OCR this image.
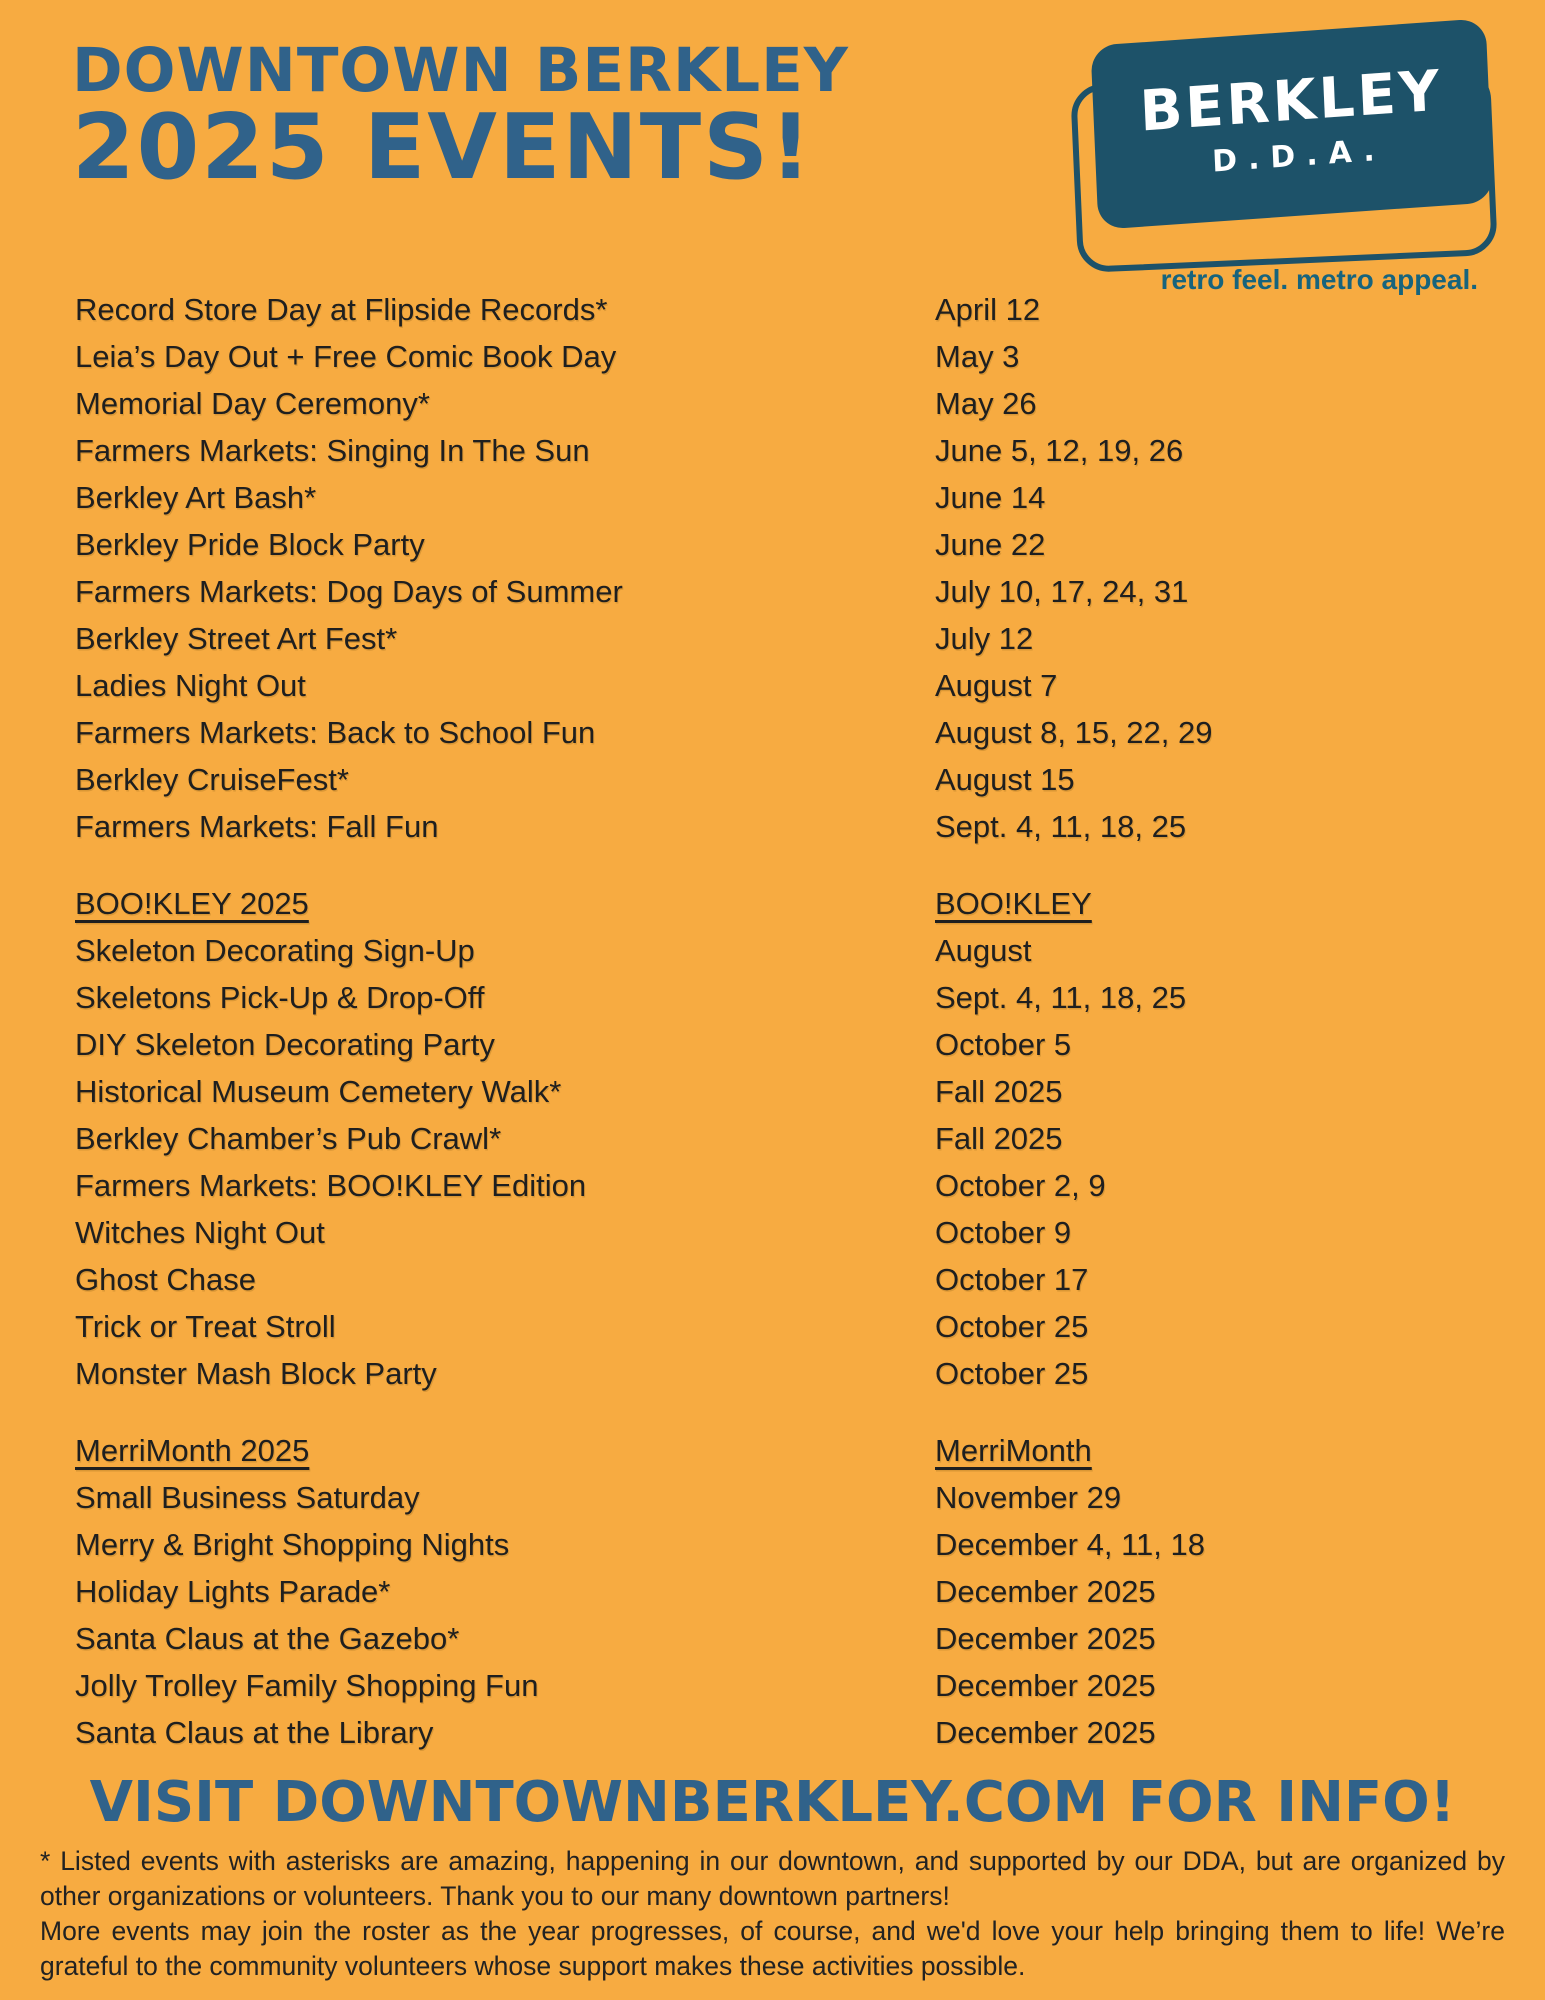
DOWNTOWN BERKLEY
2025 EVENTS!	BERKLEY
D.D.A.
retro feel. metro appeal.
Record Store Day at Flipside Records*	April 12
Leia’s Day Out + Free Comic Book Day	May 3
Memorial Day Ceremony*	May 26
Farmers Markets: Singing In The Sun	June 5, 12, 19, 26
Berkley Art Bash*	June 14
Berkley Pride Block Party	June 22
Farmers Markets: Dog Days of Summer	July 10, 17, 24, 31
Berkley Street Art Fest*	July 12
Ladies Night Out	August 7
Farmers Markets: Back to School Fun	August 8, 15, 22, 29
Berkley CruiseFest*	August 15
Farmers Markets: Fall Fun	Sept. 4, 11, 18, 25
BOO!KLEY 2025	BOO!KLEY
Skeleton Decorating Sign-Up	August
Skeletons Pick-Up & Drop-Off	Sept. 4, 11, 18, 25
DIY Skeleton Decorating Party	October 5
Historical Museum Cemetery Walk*	Fall 2025
Berkley Chamber’s Pub Crawl*	Fall 2025
Farmers Markets: BOO!KLEY Edition	October 2, 9
Witches Night Out	October 9
Ghost Chase	October 17
Trick or Treat Stroll	October 25
Monster Mash Block Party	October 25
MerriMonth 2025	MerriMonth
Small Business Saturday	November 29
Merry & Bright Shopping Nights	December 4, 11, 18
Holiday Lights Parade*	December 2025
Santa Claus at the Gazebo*	December 2025
Jolly Trolley Family Shopping Fun	December 2025
Santa Claus at the Library	December 2025
VISIT DOWNTOWNBERKLEY.COM FOR INFO!

* Listed events with asterisks are amazing, happening in our downtown, and supported by our DDA, but are organized by other organizations or volunteers. Thank you to our many downtown partners!

More events may join the roster as the year progresses, of course, and we'd love your help bringing them to life! We’re grateful to the community volunteers whose support makes these activities possible.
